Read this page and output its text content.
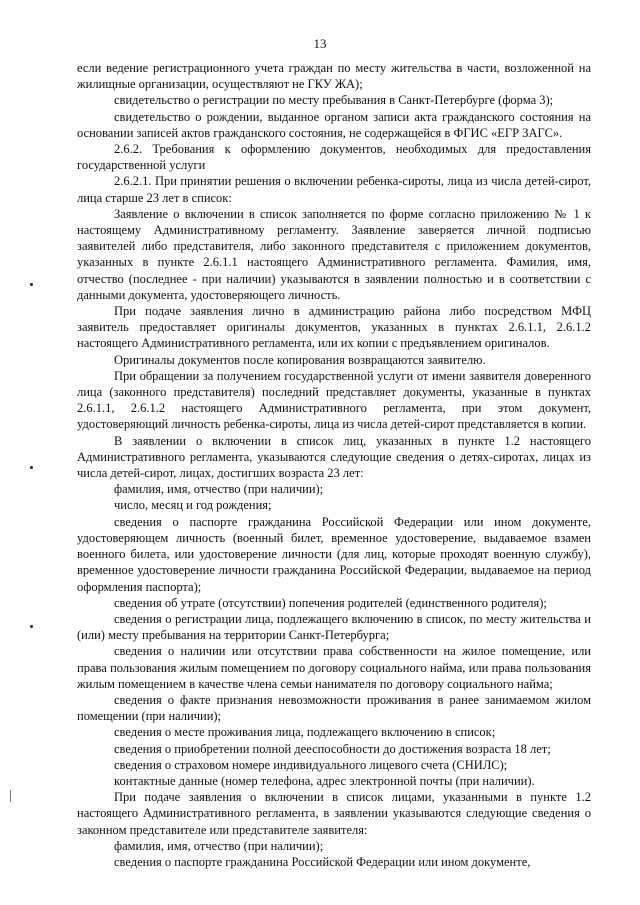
13

если ведение регистрационного учета граждан по месту жительства в части, возложенной на жилищные организации, осуществляют не ГКУ ЖА);

свидетельство о регистрации по месту пребывания в Санкт-Петербурге (форма 3);

свидетельство о рождении, выданное органом записи акта гражданского состояния на основании записей актов гражданского состояния, не содержащейся в ФГИС «ЕГР ЗАГС».

2.6.2. Требования к оформлению документов, необходимых для предоставления государственной услуги

2.6.2.1. При принятии решения о включении ребенка-сироты, лица из числа детей-сирот, лица старше 23 лет в список:

Заявление о включении в список заполняется по форме согласно приложению № 1 к настоящему Административному регламенту. Заявление заверяется личной подписью заявителей либо представителя, либо законного представителя с приложением документов, указанных в пункте 2.6.1.1 настоящего Административного регламента. Фамилия, имя, отчество (последнее - при наличии) указываются в заявлении полностью и в соответствии с данными документа, удостоверяющего личность.

При подаче заявления лично в администрацию района либо посредством МФЦ заявитель предоставляет оригиналы документов, указанных в пунктах 2.6.1.1, 2.6.1.2 настоящего Административного регламента, или их копии с предъявлением оригиналов.

Оригиналы документов после копирования возвращаются заявителю.

При обращении за получением государственной услуги от имени заявителя доверенного лица (законного представителя) последний представляет документы, указанные в пунктах 2.6.1.1, 2.6.1.2 настоящего Административного регламента, при этом документ, удостоверяющий личность ребенка-сироты, лица из числа детей-сирот представляется в копии.

В заявлении о включении в список лиц, указанных в пункте 1.2 настоящего Административного регламента, указываются следующие сведения о детях-сиротах, лицах из числа детей-сирот, лицах, достигших возраста 23 лет:

фамилия, имя, отчество (при наличии);

число, месяц и год рождения;

сведения о паспорте гражданина Российской Федерации или ином документе, удостоверяющем личность (военный билет, временное удостоверение, выдаваемое взамен военного билета, или удостоверение личности (для лиц, которые проходят военную службу), временное удостоверение личности гражданина Российской Федерации, выдаваемое на период оформления паспорта);

сведения об утрате (отсутствии) попечения родителей (единственного родителя);

сведения о регистрации лица, подлежащего включению в список, по месту жительства и (или) месту пребывания на территории Санкт-Петербурга;

сведения о наличии или отсутствии права собственности на жилое помещение, или права пользования жилым помещением по договору социального найма, или права пользования жилым помещением в качестве члена семьи нанимателя по договору социального найма;

сведения о факте признания невозможности проживания в ранее занимаемом жилом помещении (при наличии);

сведения о месте проживания лица, подлежащего включению в список;

сведения о приобретении полной дееспособности до достижения возраста 18 лет;

сведения о страховом номере индивидуального лицевого счета (СНИЛС);

контактные данные (номер телефона, адрес электронной почты (при наличии).

При подаче заявления о включении в список лицами, указанными в пункте 1.2 настоящего Административного регламента, в заявлении указываются следующие сведения о законном представителе или представителе заявителя:

фамилия, имя, отчество (при наличии);

сведения о паспорте гражданина Российской Федерации или ином документе,
